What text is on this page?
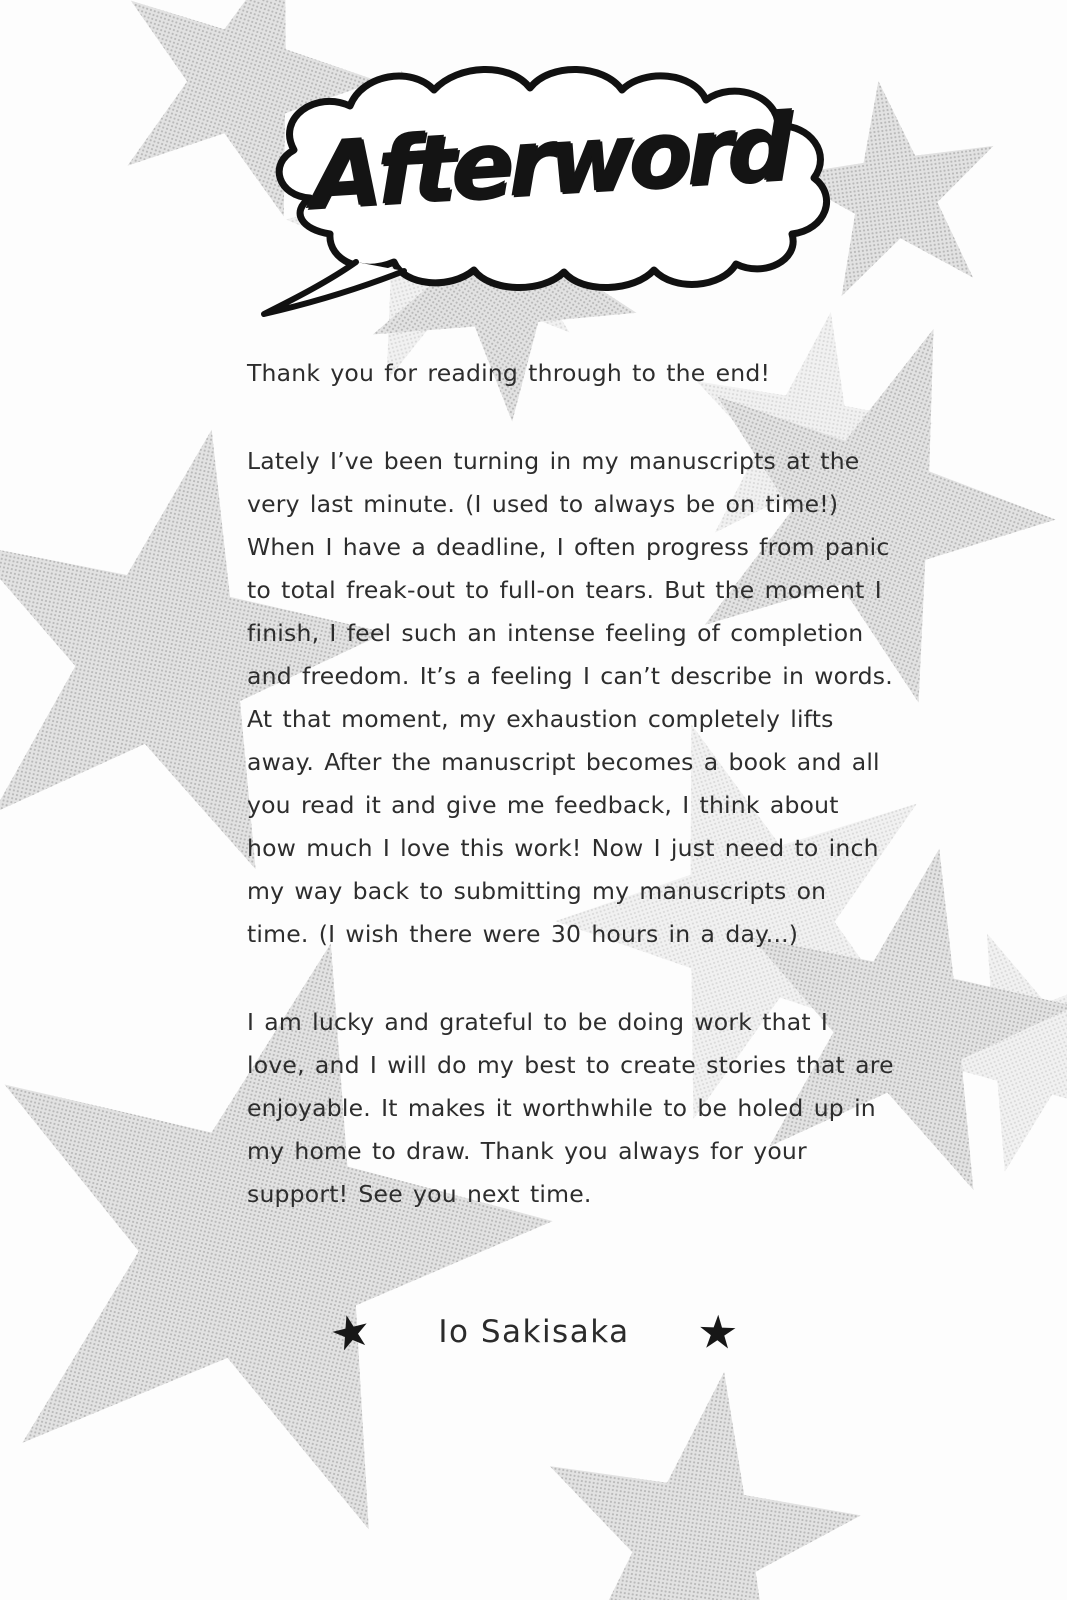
Afterword

Thank you for reading through to the end!

Lately I’ve been turning in my manuscripts at the very last minute. (I used to always be on time!) When I have a deadline, I often progress from panic to total freak-out to full-on tears. But the moment I finish, I feel such an intense feeling of completion and freedom. It’s a feeling I can’t describe in words. At that moment, my exhaustion completely lifts away. After the manuscript becomes a book and all you read it and give me feedback, I think about how much I love this work! Now I just need to inch my way back to submitting my manuscripts on time. (I wish there were 30 hours in a day...)

I am lucky and grateful to be doing work that I love, and I will do my best to create stories that are enjoyable. It makes it worthwhile to be holed up in my home to draw. Thank you always for your support! See you next time.

★ Io Sakisaka ★
